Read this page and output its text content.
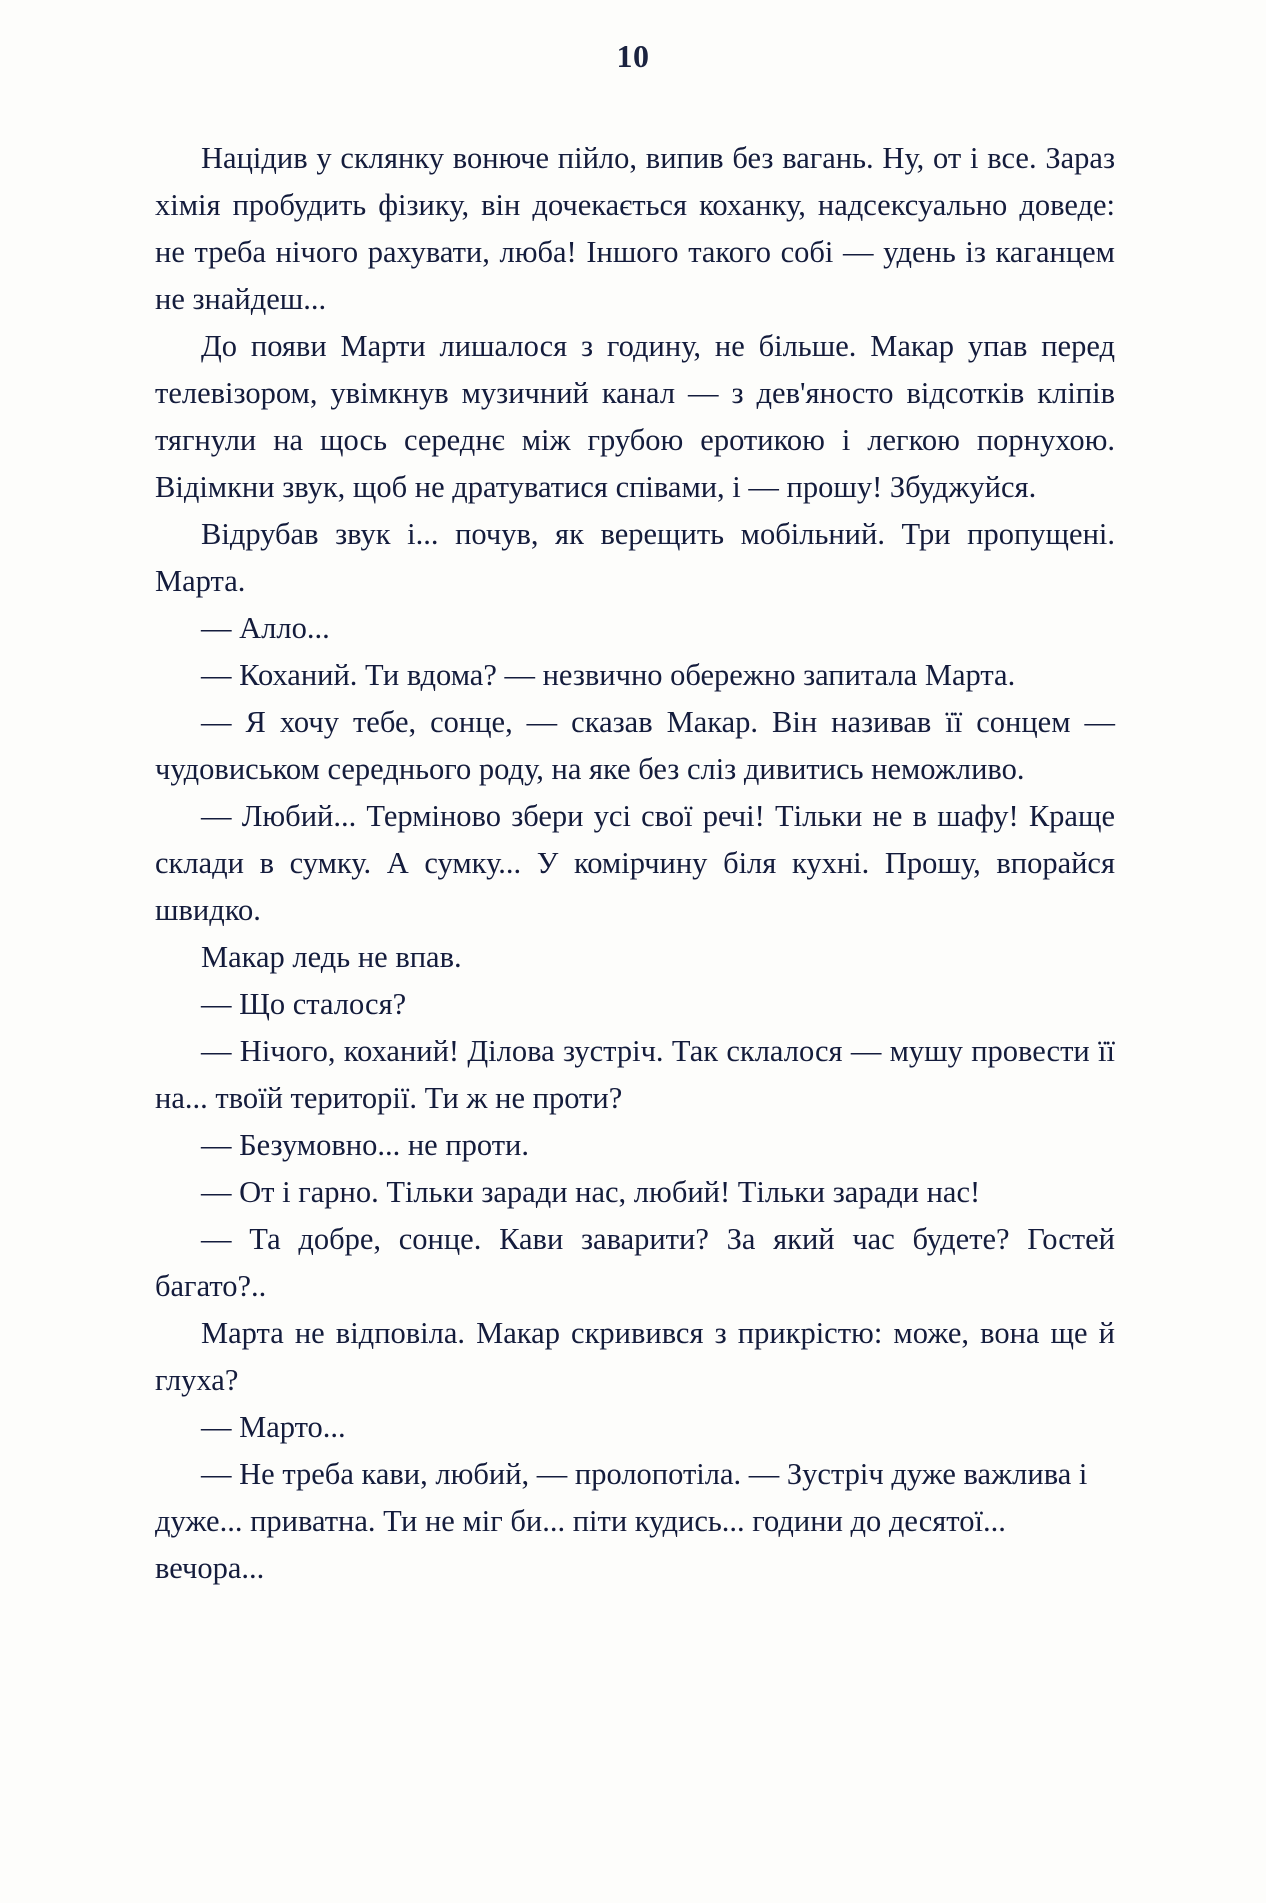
10

Націдив у склянку вонюче пійло, випив без вагань. Ну, от і все. Зараз хімія пробудить фізику, він дочекається коханку, надсексуально доведе: не треба нічого рахувати, люба! Іншого такого собі — удень із каганцем не знайдеш...

До появи Марти лишалося з годину, не більше. Макар упав перед телевізором, увімкнув музичний канал — з дев'яносто відсотків кліпів тягнули на щось середнє між грубою еротикою і легкою порнухою. Відімкни звук, щоб не дратуватися співами, і — прошу! Збуджуйся.

Відрубав звук і... почув, як верещить мобільний. Три пропущені. Марта.

— Алло...

— Коханий. Ти вдома? — незвично обережно запитала Марта.

— Я хочу тебе, сонце, — сказав Макар. Він називав її сонцем — чудовиськом середнього роду, на яке без сліз дивитись неможливо.

— Любий... Терміново збери усі свої речі! Тільки не в шафу! Краще склади в сумку. А сумку... У комірчину біля кухні. Прошу, впорайся швидко.

Макар ледь не впав.

— Що сталося?

— Нічого, коханий! Ділова зустріч. Так склалося — мушу провести її на... твоїй території. Ти ж не проти?

— Безумовно... не проти.

— От і гарно. Тільки заради нас, любий! Тільки заради нас!

— Та добре, сонце. Кави заварити? За який час будете? Гостей багато?..

Марта не відповіла. Макар скривився з прикрістю: може, вона ще й глуха?

— Марто...

— Не треба кави, любий, — пролопотіла. — Зустріч дуже важлива і дуже... приватна. Ти не міг би... піти кудись... години до десятої... вечора...
